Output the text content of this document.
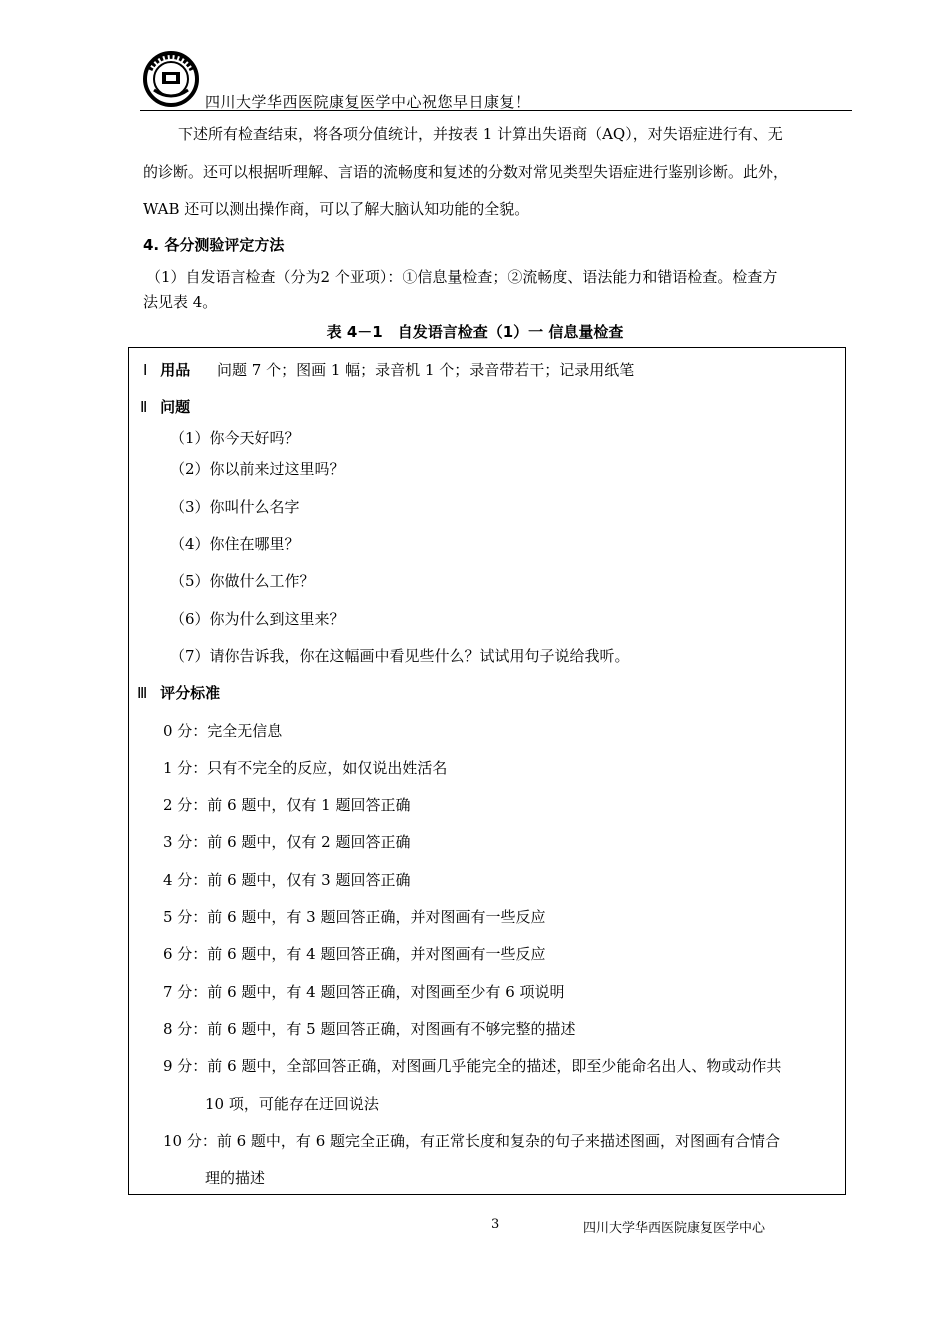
四川大学华西医院康复医学中心祝您早日康复！
下述所有检查结束，将各项分值统计，并按表 1 计算出失语商（AQ），对失语症进行有、无
的诊断。还可以根据听理解、言语的流畅度和复述的分数对常见类型失语症进行鉴别诊断。此外，
WAB 还可以测出操作商，可以了解大脑认知功能的全貌。
4. 各分测验评定方法
（1）自发语言检查（分为2 个亚项）：①信息量检查；②流畅度、语法能力和错语检查。检查方
法见表 4。
表 4－1　自发语言检查（1）一 信息量检查
Ⅰ 用品 问题 7 个；图画 1 幅；录音机 1 个；录音带若干；记录用纸笔
Ⅱ 问题
（1）你今天好吗？
（2）你以前来过这里吗？
（3）你叫什么名字
（4）你住在哪里？
（5）你做什么工作？
（6）你为什么到这里来？
（7）请你告诉我，你在这幅画中看见些什么？试试用句子说给我听。
Ⅲ 评分标准
0 分：完全无信息
1 分：只有不完全的反应，如仅说出姓活名
2 分：前 6 题中，仅有 1 题回答正确
3 分：前 6 题中，仅有 2 题回答正确
4 分：前 6 题中，仅有 3 题回答正确
5 分：前 6 题中，有 3 题回答正确，并对图画有一些反应
6 分：前 6 题中，有 4 题回答正确，并对图画有一些反应
7 分：前 6 题中，有 4 题回答正确，对图画至少有 6 项说明
8 分：前 6 题中，有 5 题回答正确，对图画有不够完整的描述
9 分：前 6 题中，全部回答正确，对图画几乎能完全的描述，即至少能命名出人、物或动作共
10 项，可能存在迂回说法
10 分：前 6 题中，有 6 题完全正确，有正常长度和复杂的句子来描述图画，对图画有合情合
理的描述
3	四川大学华西医院康复医学中心
